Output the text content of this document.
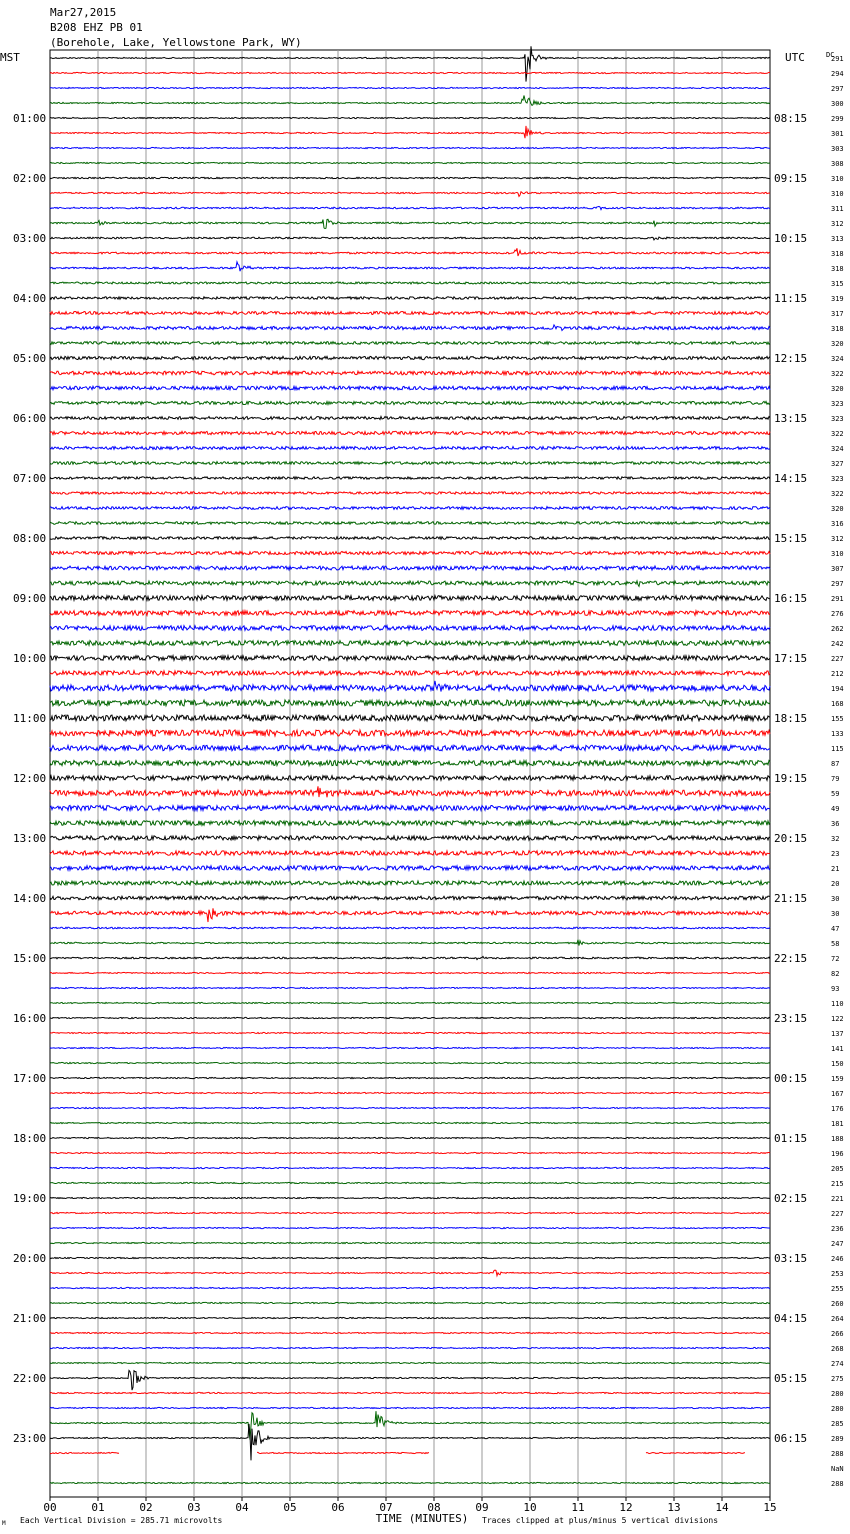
Mar27,2015
B208 EHZ PB 01
(Borehole, Lake, Yellowstone Park, WY)
MST	UTC	DC
00	01	02	03	04	05	06	07	08	09	10	11	12	13	14	15
01:00
02:00
03:00
04:00
05:00
06:00
07:00
08:00
09:00
10:00
11:00
12:00
13:00
14:00
15:00
16:00
17:00
18:00
19:00
20:00
21:00
22:00
23:00
08:15
09:15
10:15
11:15
12:15
13:15
14:15
15:15
16:15
17:15
18:15
19:15
20:15
21:15
22:15
23:15
00:15
01:15
02:15
03:15
04:15
05:15
06:15
291
294
297
300
299
301
303
308
310
310
311
312
313
318
318
315
319
317
318
320
324
322
320
323
323
322
324
327
323
322
320
316
312
310
307
297
291
276
262
242
227
212
194
168
155
133
115
87
79
59
49
36
32
23
21
20
30
30
47
58
72
82
93
110
122
137
141
150
159
167
176
181
188
196
205
215
221
227
236
247
246
253
255
260
264
266
268
274
275
280
280
285
289
288
NaN
288
TIME (MINUTES)
Each Vertical Division = 285.71 microvolts	Traces clipped at plus/minus 5 vertical divisions
M
